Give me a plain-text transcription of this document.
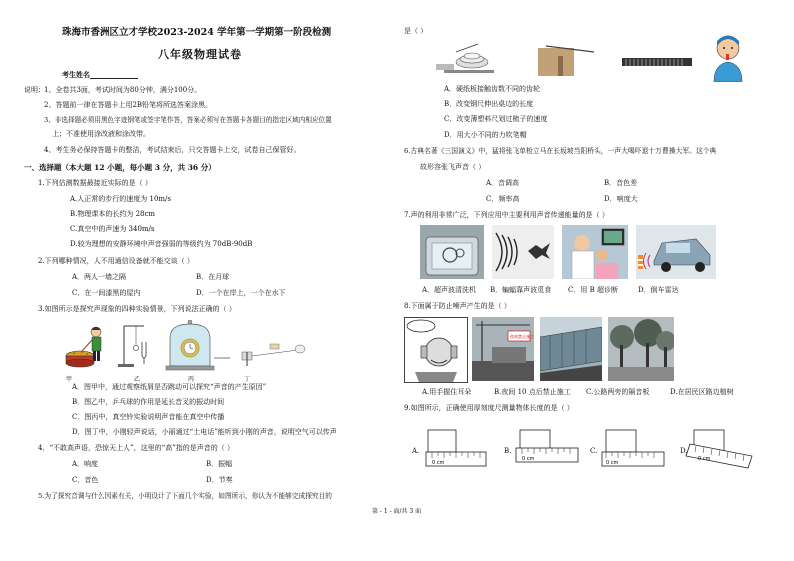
珠海市香洲区立才学校2023-2024 学年第一学期第一阶段检测
八年级物理试卷
考生姓名
说明： 1、全卷共3面，考试时间为80分钟，满分100分。
2、答题前一律在答题卡上用2B铅笔将所选答案涂黑。
3、非选择题必须用黑色字迹钢笔或签字笔作答，答案必须写在答题卡各题目的指定区域内相应位置
上；不准使用涂改液和涂改带。
4、考生务必保持答题卡的整洁，考试结束后，只交答题卡上交，试卷自己保管好。
一、选择题（本大题 12 小题，每小题 3 分，共 36 分）
1.下列估测数据最接近实际的是（ ）
A.人正常的步行的速度为 10m/s
B.物理课本的长约为 28cm
C.真空中的声速为 340m/s
D.较为理想的安静环境中声音强弱的等级约为 70dB-90dB
2.下列哪种情况，人不用通信设备就不能交谈（ ）
A．两人一墙之隔	B．在月球
C．在一间漆黑的屋内	D．一个在岸上，一个在水下
3.如图所示是探究声现象的四种实验情景，下列说法正确的（ ）
甲	乙	丙	丁
A．图甲中，通过观察纸屑是否跳动可以探究“声音的产生原因”
B．图乙中，乒乓球的作用是延长音叉的振动时间
C．图丙中，真空铃实验说明声音能在真空中传播
D．图丁中，小刚轻声说话，小丽通过“土电话”能听到小刚的声音，说明空气可以传声
4．“不敢高声语，恐惊天上人”，这里的“高”指的是声音的（ ）
A．响度	B．振幅
C．音色	D．节奏
5.为了探究音调与什么因素有关，小明设计了下面几个实验，如图所示，你认为不能够完成探究目的
是（ ）
A．硬纸板接触齿数不同的齿轮
B．改变钢尺伸出桌边的长度
C．改变薄塑料尺划过梳子的速度
D．用大小不同的力吹笔帽
6.古典名著《三国演义》中，猛将张飞单枪立马在长坂坡当阳桥头，一声大喝吓退十万曹操大军。这个典
故形容张飞声音（ ）
A．音调高	B．音色差
C．频率高	D．响度大
7.声的利用非常广泛，下列应用中主要利用声音传递能量的是（ ）
A．超声波清洗机 B．蝙蝠靠声波觅食 C．用 B 超诊断	D．倒车雷达
8.下面属于防止噪声产生的是（ ）
夜间禁止施工
A.用手握住耳朵	B.夜间 10 点后禁止施工 C.公路两旁的隔音板	D.在居民区路边植树
9.如图所示，正确使用厚刻度尺测量物体长度的是（ ）
0 cm
0 cm
0 cm
0 cm
A.	B.	C.	D.
第 - 1 - 面/共 3 面
